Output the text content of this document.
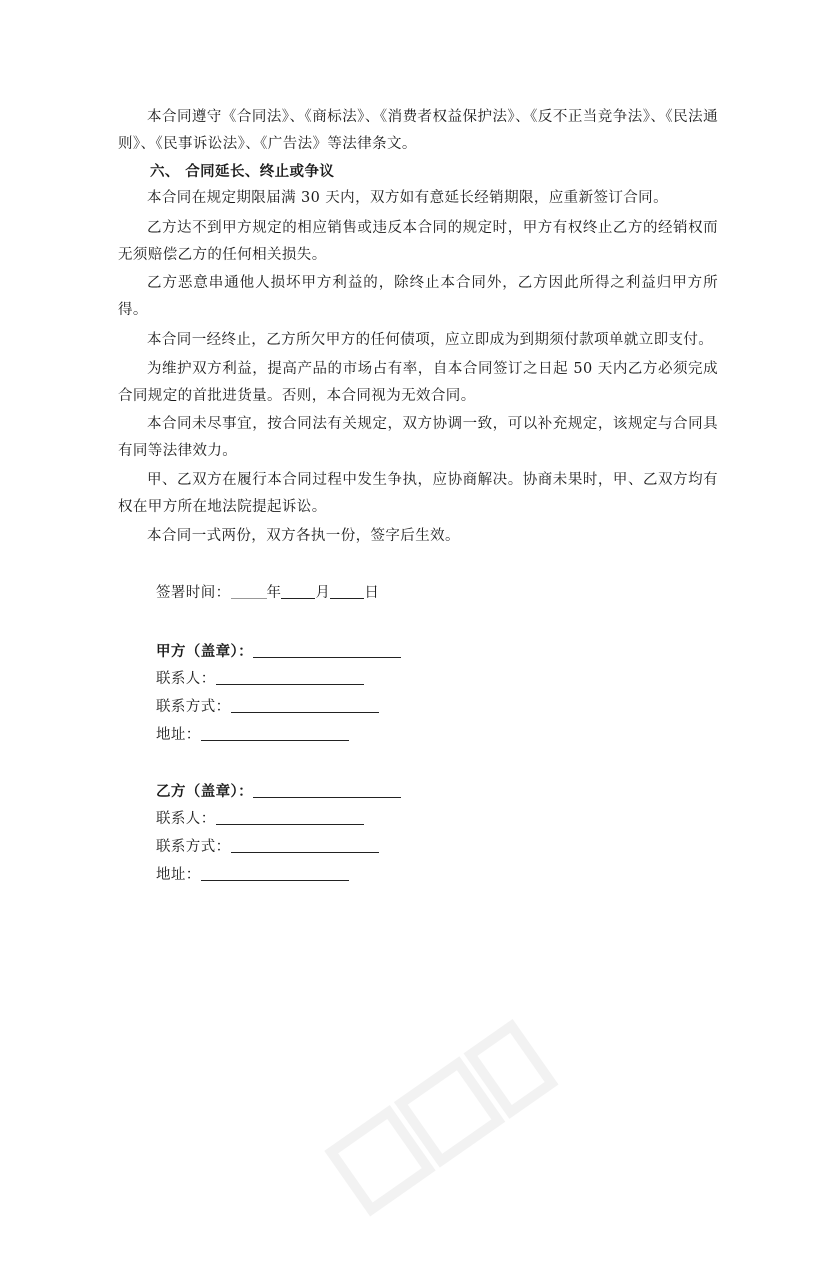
本合同遵守《合同法》、《商标法》、《消费者权益保护法》、《反不正当竞争法》、《民法通则》、《民事诉讼法》、《广告法》等法律条文。

六、 合同延长、终止或争议

本合同在规定期限届满 30 天内，双方如有意延长经销期限，应重新签订合同。

乙方达不到甲方规定的相应销售或违反本合同的规定时，甲方有权终止乙方的经销权而无须赔偿乙方的任何相关损失。

乙方恶意串通他人损坏甲方利益的，除终止本合同外，乙方因此所得之利益归甲方所得。

本合同一经终止，乙方所欠甲方的任何债项，应立即成为到期须付款项单就立即支付。

为维护双方利益，提高产品的市场占有率，自本合同签订之日起 50 天内乙方必须完成合同规定的首批进货量。否则，本合同视为无效合同。

本合同未尽事宜，按合同法有关规定，双方协调一致，可以补充规定，该规定与合同具有同等法律效力。

甲、乙双方在履行本合同过程中发生争执，应协商解决。协商未果时，甲、乙双方均有权在甲方所在地法院提起诉讼。

本合同一式两份，双方各执一份，签字后生效。

签署时间： 年 月 日
甲方（盖章）：
联系人：
联系方式：
地址：
乙方（盖章）：
联系人：
联系方式：
地址：
